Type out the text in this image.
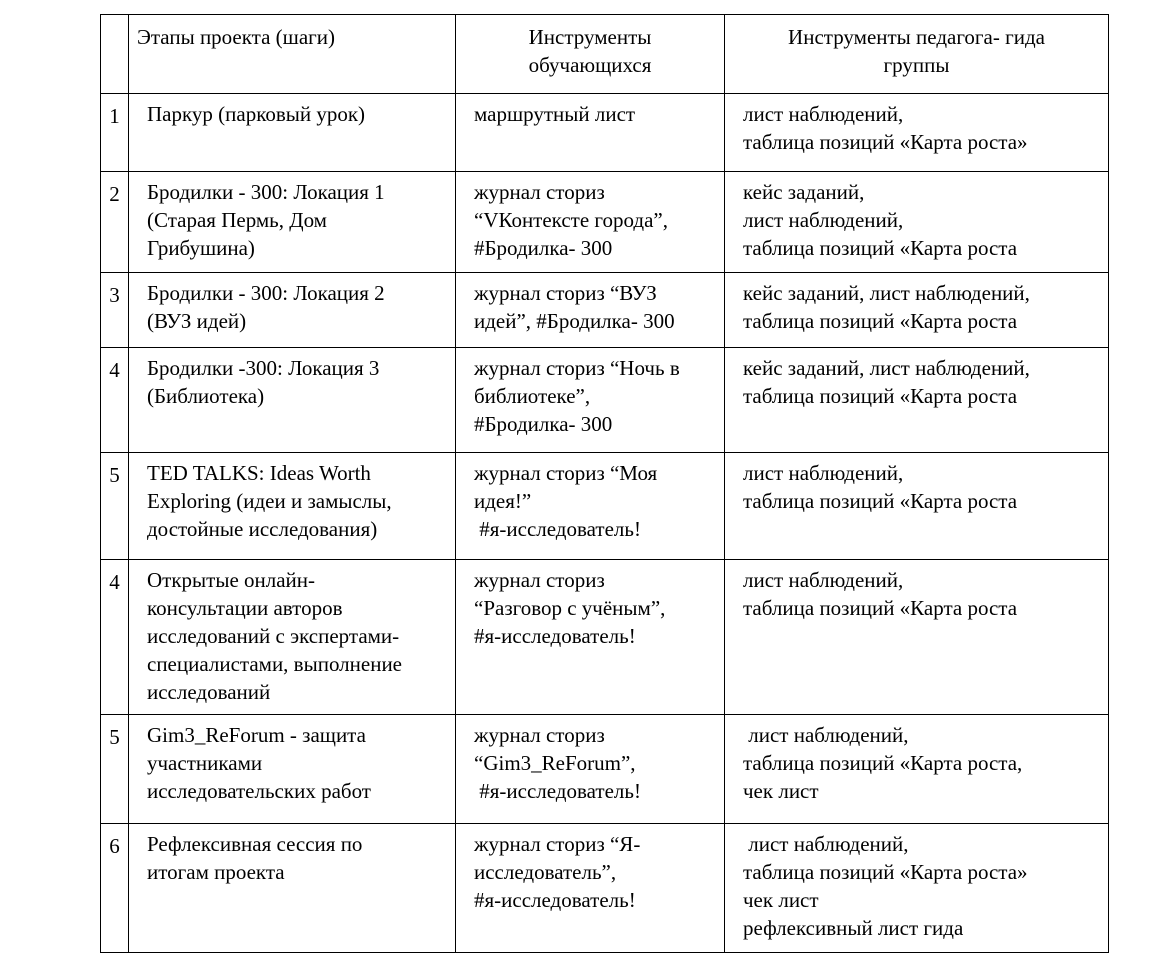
	Этапы проекта (шаги)	Инструменты
обучающихся	Инструменты педагога- гида
группы

1	Паркур (парковый урок)	маршрутный лист	лист наблюдений,
таблица позиций «Карта роста»

2	Бродилки - 300: Локация 1
(Старая Пермь, Дом
Грибушина)	журнал сториз
“VКонтексте города”,
#Бродилка- 300	кейс заданий,
лист наблюдений,
таблица позиций «Карта роста

3	Бродилки - 300: Локация 2
(ВУЗ идей)	журнал сториз “ВУЗ
идей”, #Бродилка- 300	кейс заданий, лист наблюдений,
таблица позиций «Карта роста

4	Бродилки -300: Локация 3
(Библиотека)	журнал сториз “Ночь в
библиотеке”,
#Бродилка- 300	кейс заданий, лист наблюдений,
таблица позиций «Карта роста

5	TED TALKS: Ideas Worth
Exploring (идеи и замыслы,
достойные исследования)	журнал сториз “Моя
идея!”
#я-исследователь!	лист наблюдений,
таблица позиций «Карта роста

4	Открытые онлайн-
консультации авторов
исследований с экспертами-
специалистами, выполнение
исследований	журнал сториз
“Разговор с учёным”,
#я-исследователь!	лист наблюдений,
таблица позиций «Карта роста

5	Gim3_ReForum - защита
участниками
исследовательских работ	журнал сториз
“Gim3_ReForum”,
#я-исследователь!	лист наблюдений,
таблица позиций «Карта роста,
чек лист

6	Рефлексивная сессия по
итогам проекта	журнал сториз “Я-
исследователь”,
#я-исследователь!	лист наблюдений,
таблица позиций «Карта роста»
чек лист
рефлексивный лист гида
